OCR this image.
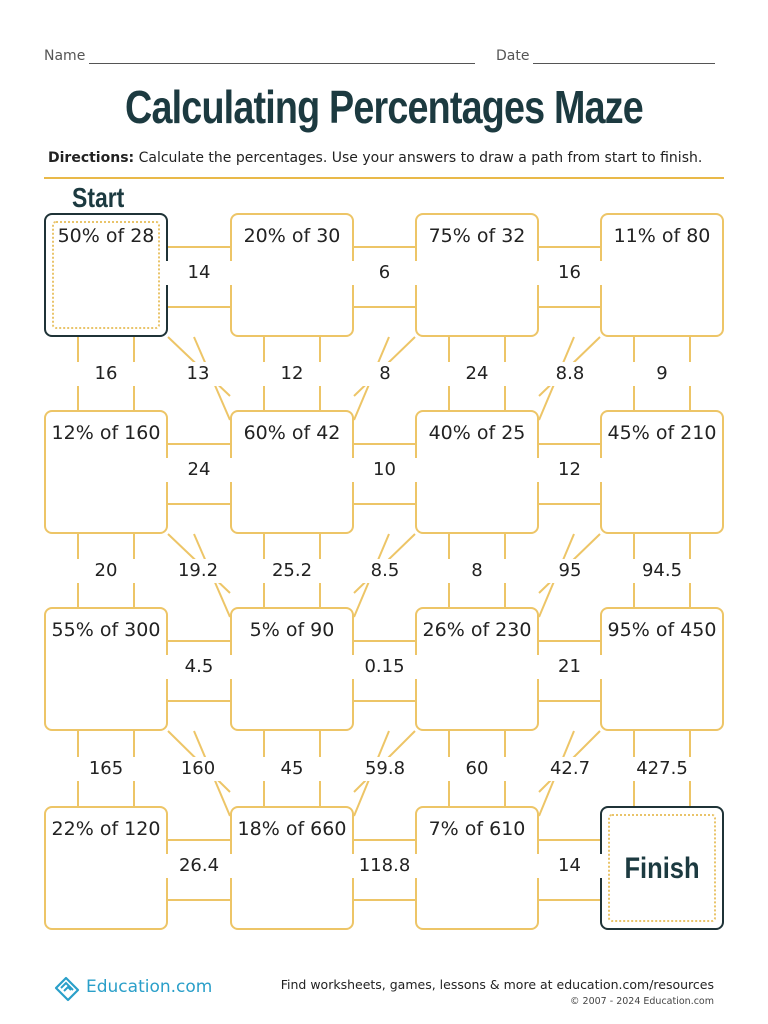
Name	Date
Calculating Percentages Maze
Directions: Calculate the percentages. Use your answers to draw a path from start to finish.
50% of 28	20% of 30	75% of 32	11% of 80
12% of 160	60% of 42	40% of 25	45% of 210
55% of 300	5% of 90	26% of 230	95% of 450
22% of 120	18% of 660	7% of 610
Finish
14	6	16
24	10	12
4.5	0.15	21
26.4	118.8	14
16	12	24	9
20	25.2	8	94.5
165	45	60	427.5
13	8	8.8
19.2	8.5	95
160	59.8	42.7
Start
Education.com	Find worksheets, games, lessons & more at education.com/resources
© 2007 - 2024 Education.com
